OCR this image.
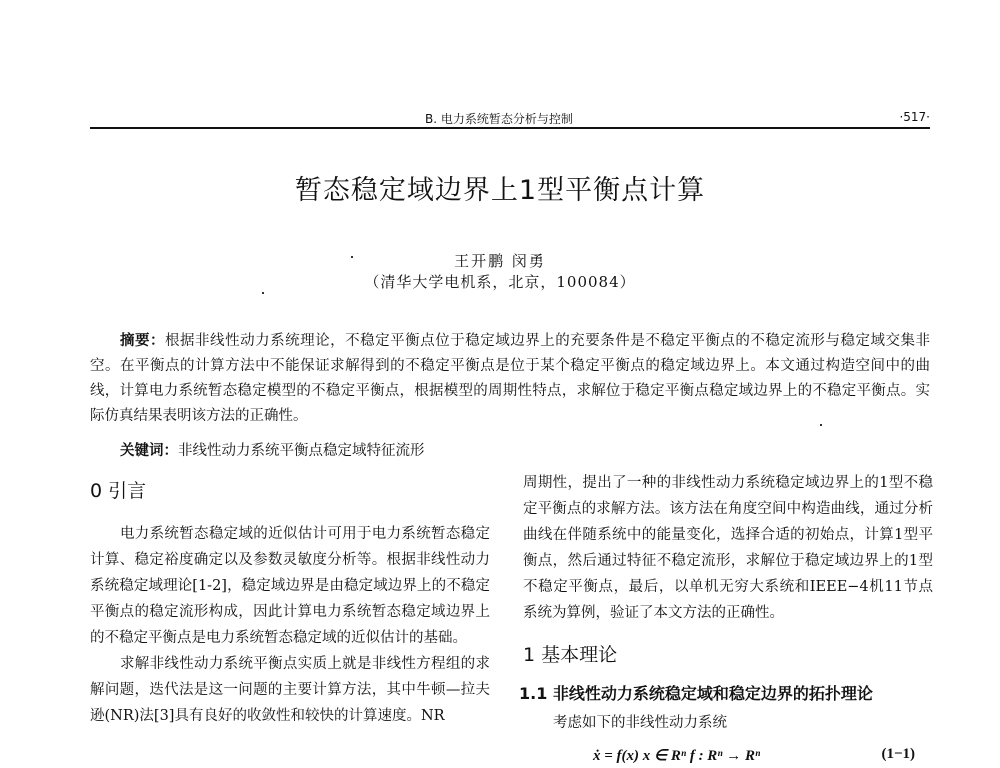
B. 电力系统暂态分析与控制	·517·
暂态稳定域边界上1型平衡点计算
王开鹏 闵勇
（清华大学电机系，北京，100084）
摘要：根据非线性动力系统理论，不稳定平衡点位于稳定域边界上的充要条件是不稳定平衡点的不稳定流形与稳定域交集非空。在平衡点的计算方法中不能保证求解得到的不稳定平衡点是位于某个稳定平衡点的稳定域边界上。本文通过构造空间中的曲线，计算电力系统暂态稳定模型的不稳定平衡点，根据模型的周期性特点，求解位于稳定平衡点稳定域边界上的不稳定平衡点。实际仿真结果表明该方法的正确性。
关键词：非线性动力系统平衡点稳定域特征流形
0 引言

电力系统暂态稳定域的近似估计可用于电力系统暂态稳定计算、稳定裕度确定以及参数灵敏度分析等。根据非线性动力系统稳定域理论[1-2]，稳定域边界是由稳定域边界上的不稳定平衡点的稳定流形构成，因此计算电力系统暂态稳定域边界上的不稳定平衡点是电力系统暂态稳定域的近似估计的基础。

求解非线性动力系统平衡点实质上就是非线性方程组的求解问题，迭代法是这一问题的主要计算方法，其中牛顿—拉夫逊(NR)法[3]具有良好的收敛性和较快的计算速度。NR

周期性，提出了一种的非线性动力系统稳定域边界上的1型不稳定平衡点的求解方法。该方法在角度空间中构造曲线，通过分析曲线在伴随系统中的能量变化，选择合适的初始点，计算1型平衡点，然后通过特征不稳定流形，求解位于稳定域边界上的1型不稳定平衡点，最后，以单机无穷大系统和IEEE−4机11节点系统为算例，验证了本文方法的正确性。

1 基本理论
1.1 非线性动力系统稳定域和稳定边界的拓扑理论

考虑如下的非线性动力系统

ẋ = f(x) x ∈ Rⁿ f : Rⁿ → Rⁿ	(1−1)
